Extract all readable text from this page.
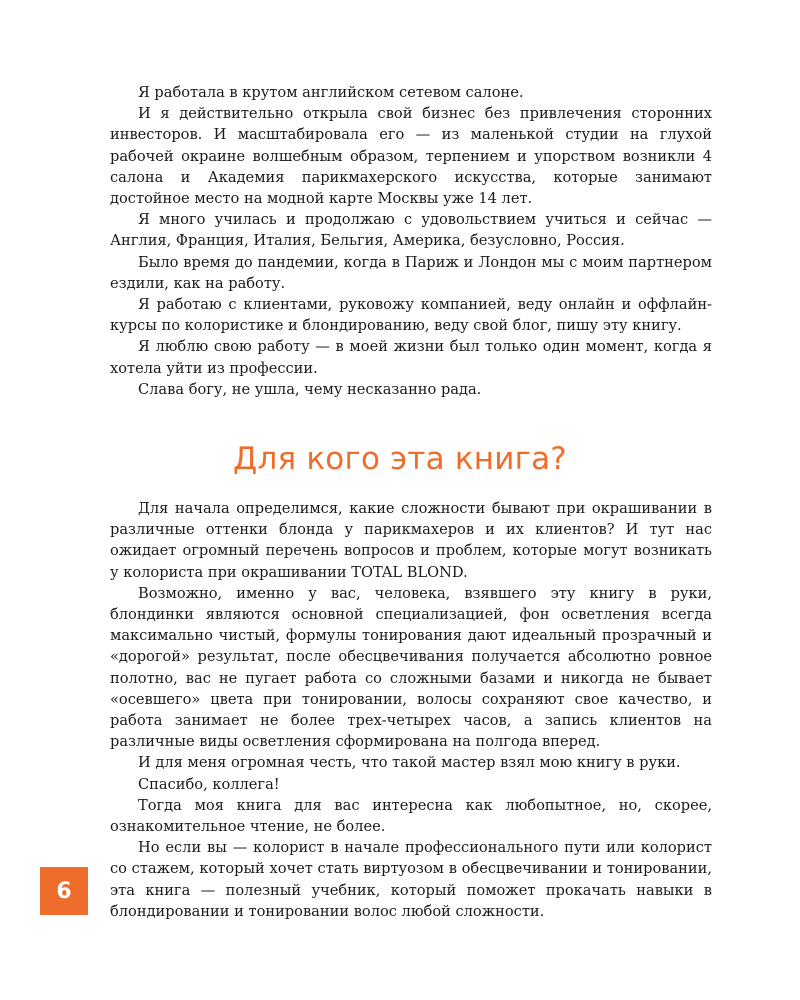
Я работала в крутом английском сетевом салоне.

И я действительно открыла свой бизнес без привлечения сторонних инвесторов. И масштабировала его — из маленькой студии на глухой рабочей окраине волшебным образом, терпением и упорством возникли 4 салона и Академия парикмахерского искусства, которые занимают достойное место на модной карте Москвы уже 14 лет.

Я много училась и продолжаю с удовольствием учиться и сейчас — Англия, Франция, Италия, Бельгия, Америка, безусловно, Россия.

Было время до пандемии, когда в Париж и Лондон мы с моим партнером ездили, как на работу.

Я работаю с клиентами, руковожу компанией, веду онлайн и оффлайн-курсы по колористике и блондированию, веду свой блог, пишу эту книгу.

Я люблю свою работу — в моей жизни был только один момент, когда я хотела уйти из профессии.

Слава богу, не ушла, чему несказанно рада.

Для кого эта книга?

Для начала определимся, какие сложности бывают при окрашивании в различные оттенки блонда у парикмахеров и их клиентов? И тут нас ожидает огромный перечень вопросов и проблем, которые могут возникать у колориста при окрашивании TOTAL BLOND.

Возможно, именно у вас, человека, взявшего эту книгу в руки, блондинки являются основной специализацией, фон осветления всегда максимально чистый, формулы тонирования дают идеальный прозрачный и «дорогой» результат, после обесцвечивания получается абсолютно ровное полотно, вас не пугает работа со сложными базами и никогда не бывает «осевшего» цвета при тонировании, волосы сохраняют свое качество, и работа занимает не более трех-четырех часов, а запись клиентов на различные виды осветления сформирована на полгода вперед.

И для меня огромная честь, что такой мастер взял мою книгу в руки.

Спасибо, коллега!

Тогда моя книга для вас интересна как любопытное, но, скорее, ознакомительное чтение, не более.

Но если вы — колорист в начале профессионального пути или колорист со стажем, который хочет стать виртуозом в обесцвечивании и тонировании, эта книга — полезный учебник, который поможет прокачать навыки в блондировании и тонировании волос любой сложности.

6
